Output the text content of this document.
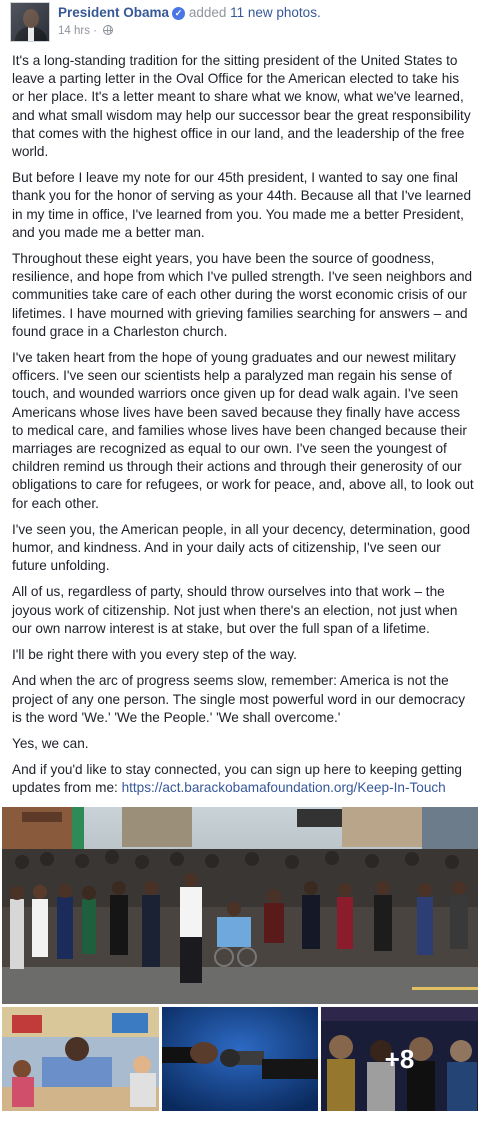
President Obama ✓ added 11 new photos.
14 hrs ·

It's a long-standing tradition for the sitting president of the United States to leave a parting letter in the Oval Office for the American elected to take his or her place. It's a letter meant to share what we know, what we've learned, and what small wisdom may help our successor bear the great responsibility that comes with the highest office in our land, and the leadership of the free world.

But before I leave my note for our 45th president, I wanted to say one final thank you for the honor of serving as your 44th. Because all that I've learned in my time in office, I've learned from you. You made me a better President, and you made me a better man.

Throughout these eight years, you have been the source of goodness, resilience, and hope from which I've pulled strength. I've seen neighbors and communities take care of each other during the worst economic crisis of our lifetimes. I have mourned with grieving families searching for answers – and found grace in a Charleston church.

I've taken heart from the hope of young graduates and our newest military officers. I've seen our scientists help a paralyzed man regain his sense of touch, and wounded warriors once given up for dead walk again. I've seen Americans whose lives have been saved because they finally have access to medical care, and families whose lives have been changed because their marriages are recognized as equal to our own. I've seen the youngest of children remind us through their actions and through their generosity of our obligations to care for refugees, or work for peace, and, above all, to look out for each other.

I've seen you, the American people, in all your decency, determination, good humor, and kindness. And in your daily acts of citizenship, I've seen our future unfolding.

All of us, regardless of party, should throw ourselves into that work – the joyous work of citizenship. Not just when there's an election, not just when our own narrow interest is at stake, but over the full span of a lifetime.

I'll be right there with you every step of the way.

And when the arc of progress seems slow, remember: America is not the project of any one person. The single most powerful word in our democracy is the word 'We.' 'We the People.' 'We shall overcome.'

Yes, we can.

And if you'd like to stay connected, you can sign up here to keeping getting updates from me: https://act.barackobamafoundation.org/Keep-In-Touch

+8
